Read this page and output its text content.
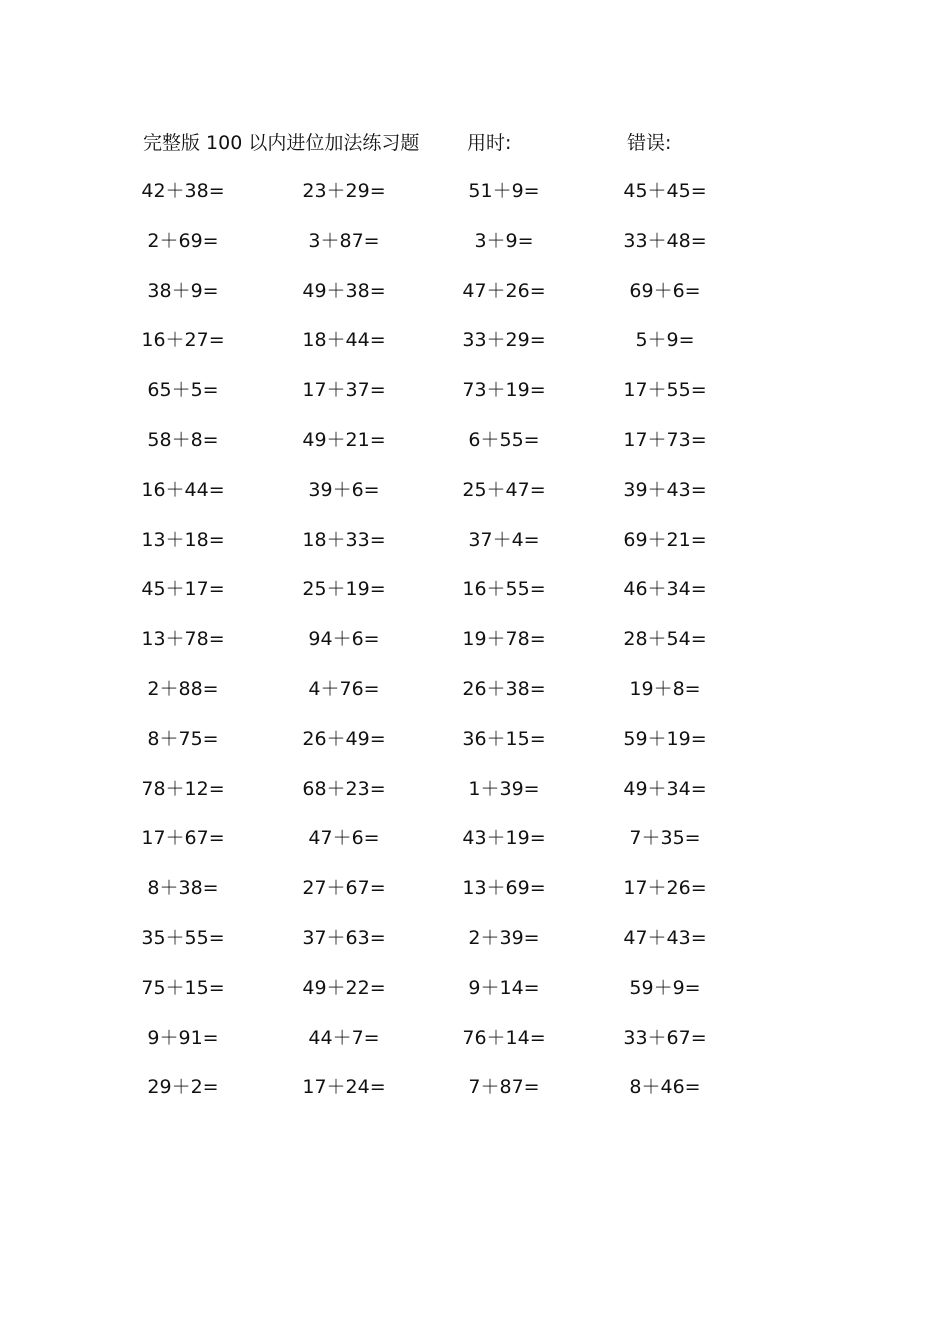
完整版 100 以内进位加法练习题	用时:	错误:
42＋38=	23＋29=	51＋9=	45＋45=
2＋69=	3＋87=	3＋9=	33＋48=
38＋9=	49＋38=	47＋26=	69＋6=
16＋27=	18＋44=	33＋29=	5＋9=
65＋5=	17＋37=	73＋19=	17＋55=
58＋8=	49＋21=	6＋55=	17＋73=
16＋44=	39＋6=	25＋47=	39＋43=
13＋18=	18＋33=	37＋4=	69＋21=
45＋17=	25＋19=	16＋55=	46＋34=
13＋78=	94＋6=	19＋78=	28＋54=
2＋88=	4＋76=	26＋38=	19＋8=
8＋75=	26＋49=	36＋15=	59＋19=
78＋12=	68＋23=	1＋39=	49＋34=
17＋67=	47＋6=	43＋19=	7＋35=
8＋38=	27＋67=	13＋69=	17＋26=
35＋55=	37＋63=	2＋39=	47＋43=
75＋15=	49＋22=	9＋14=	59＋9=
9＋91=	44＋7=	76＋14=	33＋67=
29＋2=	17＋24=	7＋87=	8＋46=
